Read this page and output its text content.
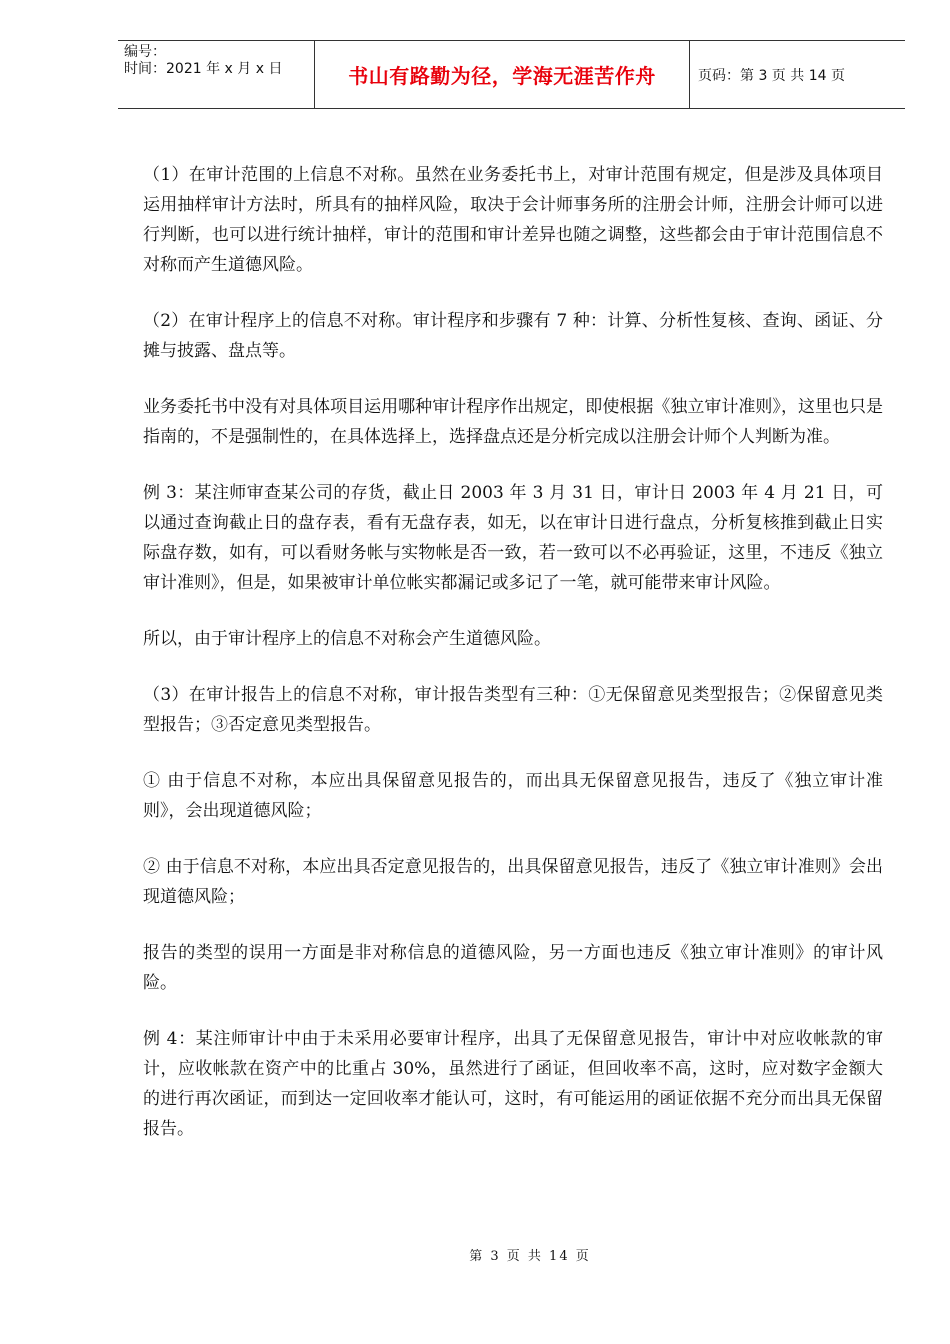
编号：
时间：2021 年 x 月 x 日	书山有路勤为径，学海无涯苦作舟	页码：第 3 页 共 14 页

（1）在审计范围的上信息不对称。虽然在业务委托书上，对审计范围有规定，但是涉及具体项目运用抽样审计方法时，所具有的抽样风险，取决于会计师事务所的注册会计师，注册会计师可以进行判断，也可以进行统计抽样，审计的范围和审计差异也随之调整，这些都会由于审计范围信息不对称而产生道德风险。

（2）在审计程序上的信息不对称。审计程序和步骤有 7 种：计算、分析性复核、查询、函证、分摊与披露、盘点等。

业务委托书中没有对具体项目运用哪种审计程序作出规定，即使根据《独立审计准则》，这里也只是指南的，不是强制性的，在具体选择上，选择盘点还是分析完成以注册会计师个人判断为准。

例 3：某注师审查某公司的存货，截止日 2003 年 3 月 31 日，审计日 2003 年 4 月 21 日，可以通过查询截止日的盘存表，看有无盘存表，如无，以在审计日进行盘点，分析复核推到截止日实际盘存数，如有，可以看财务帐与实物帐是否一致，若一致可以不必再验证，这里，不违反《独立审计准则》，但是，如果被审计单位帐实都漏记或多记了一笔，就可能带来审计风险。

所以，由于审计程序上的信息不对称会产生道德风险。

（3）在审计报告上的信息不对称，审计报告类型有三种：①无保留意见类型报告；②保留意见类型报告；③否定意见类型报告。

① 由于信息不对称，本应出具保留意见报告的，而出具无保留意见报告，违反了《独立审计准则》，会出现道德风险；

② 由于信息不对称，本应出具否定意见报告的，出具保留意见报告，违反了《独立审计准则》会出现道德风险；

报告的类型的误用一方面是非对称信息的道德风险，另一方面也违反《独立审计准则》的审计风险。

例 4：某注师审计中由于未采用必要审计程序，出具了无保留意见报告，审计中对应收帐款的审计，应收帐款在资产中的比重占 30%，虽然进行了函证，但回收率不高，这时，应对数字金额大的进行再次函证，而到达一定回收率才能认可，这时，有可能运用的函证依据不充分而出具无保留报告。

第 3 页 共 14 页
